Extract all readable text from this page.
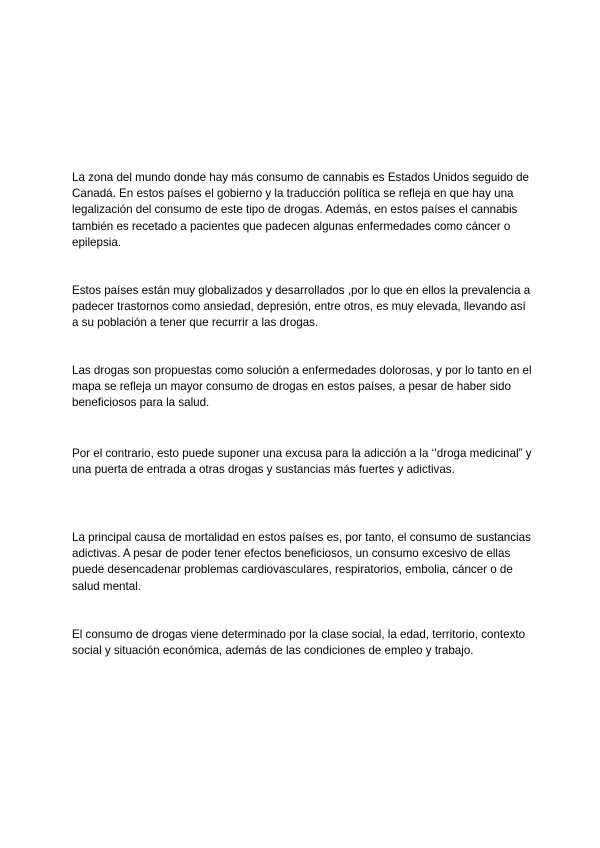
La zona del mundo donde hay más consumo de cannabis es Estados Unidos seguido de Canadá. En estos países el gobierno y la traducción política se refleja en que hay una legalización del consumo de este tipo de drogas. Además, en estos países el cannabis también es recetado a pacientes que padecen algunas enfermedades como cáncer o epilepsia.

Estos países están muy globalizados y desarrollados ,por lo que en ellos la prevalencia a padecer trastornos como ansiedad, depresión, entre otros, es muy elevada, llevando así a su población a tener que recurrir a las drogas.

Las drogas son propuestas como solución a enfermedades dolorosas, y por lo tanto en el mapa se refleja un mayor consumo de drogas en estos países, a pesar de haber sido beneficiosos para la salud.

Por el contrario, esto puede suponer una excusa para la adicción a la ‘’droga medicinal” y una puerta de entrada a otras drogas y sustancias más fuertes y adictivas.

La principal causa de mortalidad en estos países es, por tanto, el consumo de sustancias adictivas. A pesar de poder tener efectos beneficiosos, un consumo excesivo de ellas puede desencadenar problemas cardiovasculares, respiratorios, embolia, cáncer o de salud mental.

El consumo de drogas viene determinado por la clase social, la edad, territorio, contexto social y situación económica, además de las condiciones de empleo y trabajo.
